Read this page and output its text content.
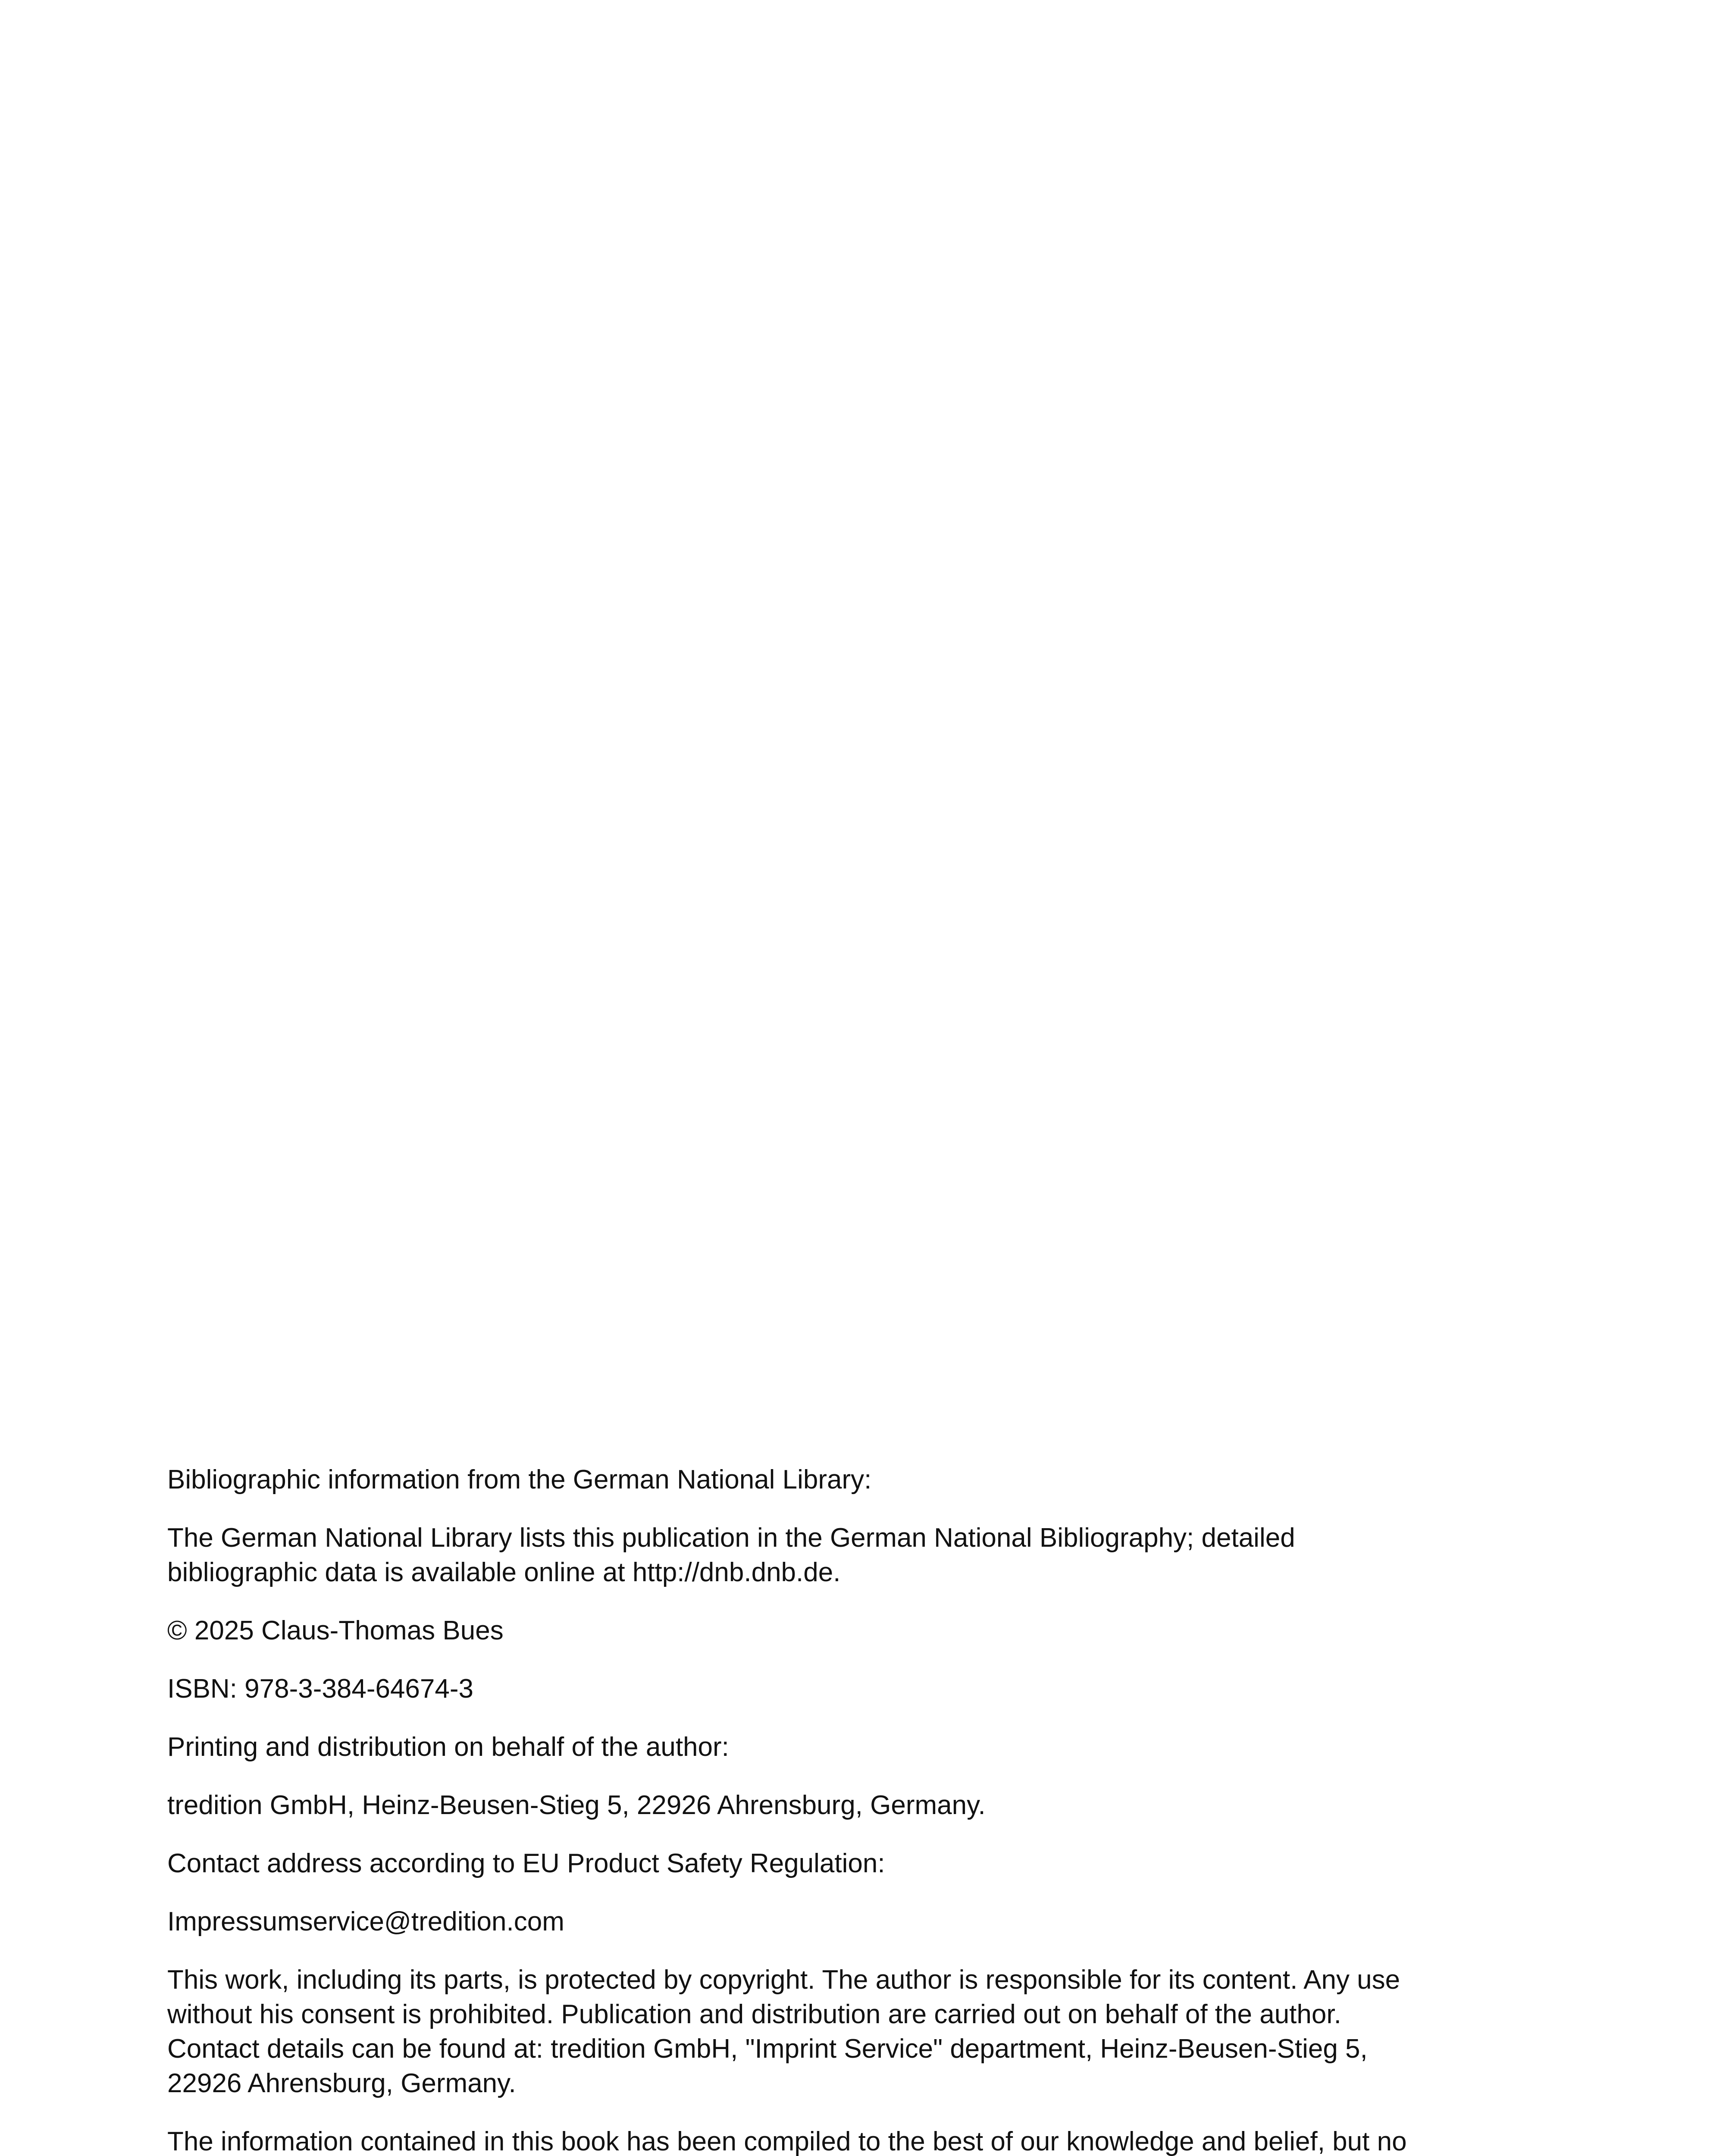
Bibliographic information from the German National Library:

The German National Library lists this publication in the German National Bibliography; detailed
bibliographic data is available online at http://dnb.dnb.de.

© 2025 Claus-Thomas Bues

ISBN: 978-3-384-64674-3

Printing and distribution on behalf of the author:

tredition GmbH, Heinz-Beusen-Stieg 5, 22926 Ahrensburg, Germany.

Contact address according to EU Product Safety Regulation:

Impressumservice@tredition.com

This work, including its parts, is protected by copyright. The author is responsible for its content. Any use
without his consent is prohibited. Publication and distribution are carried out on behalf of the author.
Contact details can be found at: tredition GmbH, "Imprint Service" department, Heinz-Beusen-Stieg 5,
22926 Ahrensburg, Germany.

The information contained in this book has been compiled to the best of our knowledge and belief, but no
